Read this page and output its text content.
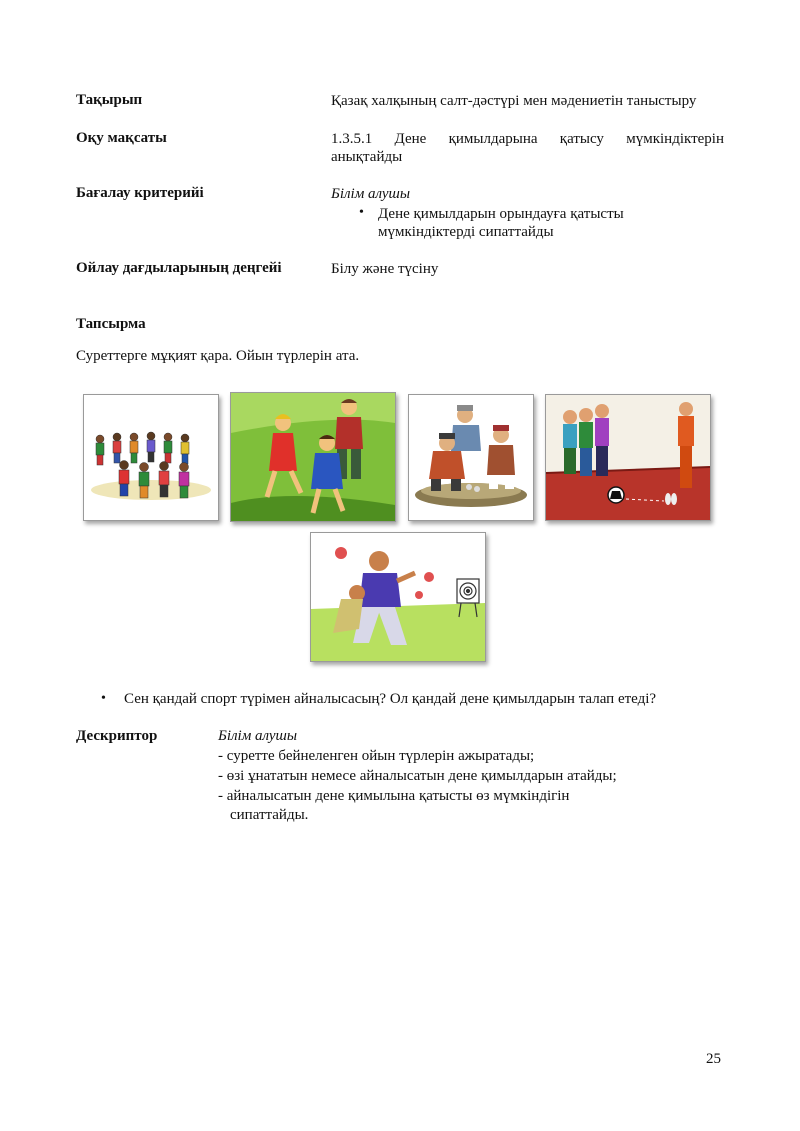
Тақырып	Қазақ халқының салт-дәстүрі мен мәдениетін таныстыру
Оқу мақсаты	1.3.5.1 Дене қимылдарына қатысу мүмкіндіктерін анықтайды
Бағалау критерийі	Білім алушы
• Дене қимылдарын орындауға қатысты мүмкіндіктерді сипаттайды
Ойлау дағдыларының деңгейі	Білу және түсіну
Тапсырма
Суреттерге мұқият қара. Ойын түрлерін ата.
• Сен қандай спорт түрімен айналысасың? Ол қандай дене қимылдарын талап етеді?
Дескриптор	Білім алушы
- суретте бейнеленген ойын түрлерін ажыратады;
- өзі ұнататын немесе айналысатын дене қимылдарын атайды;
- айналысатын дене қимылына қатысты өз мүмкіндігін
сипаттайды.
25
